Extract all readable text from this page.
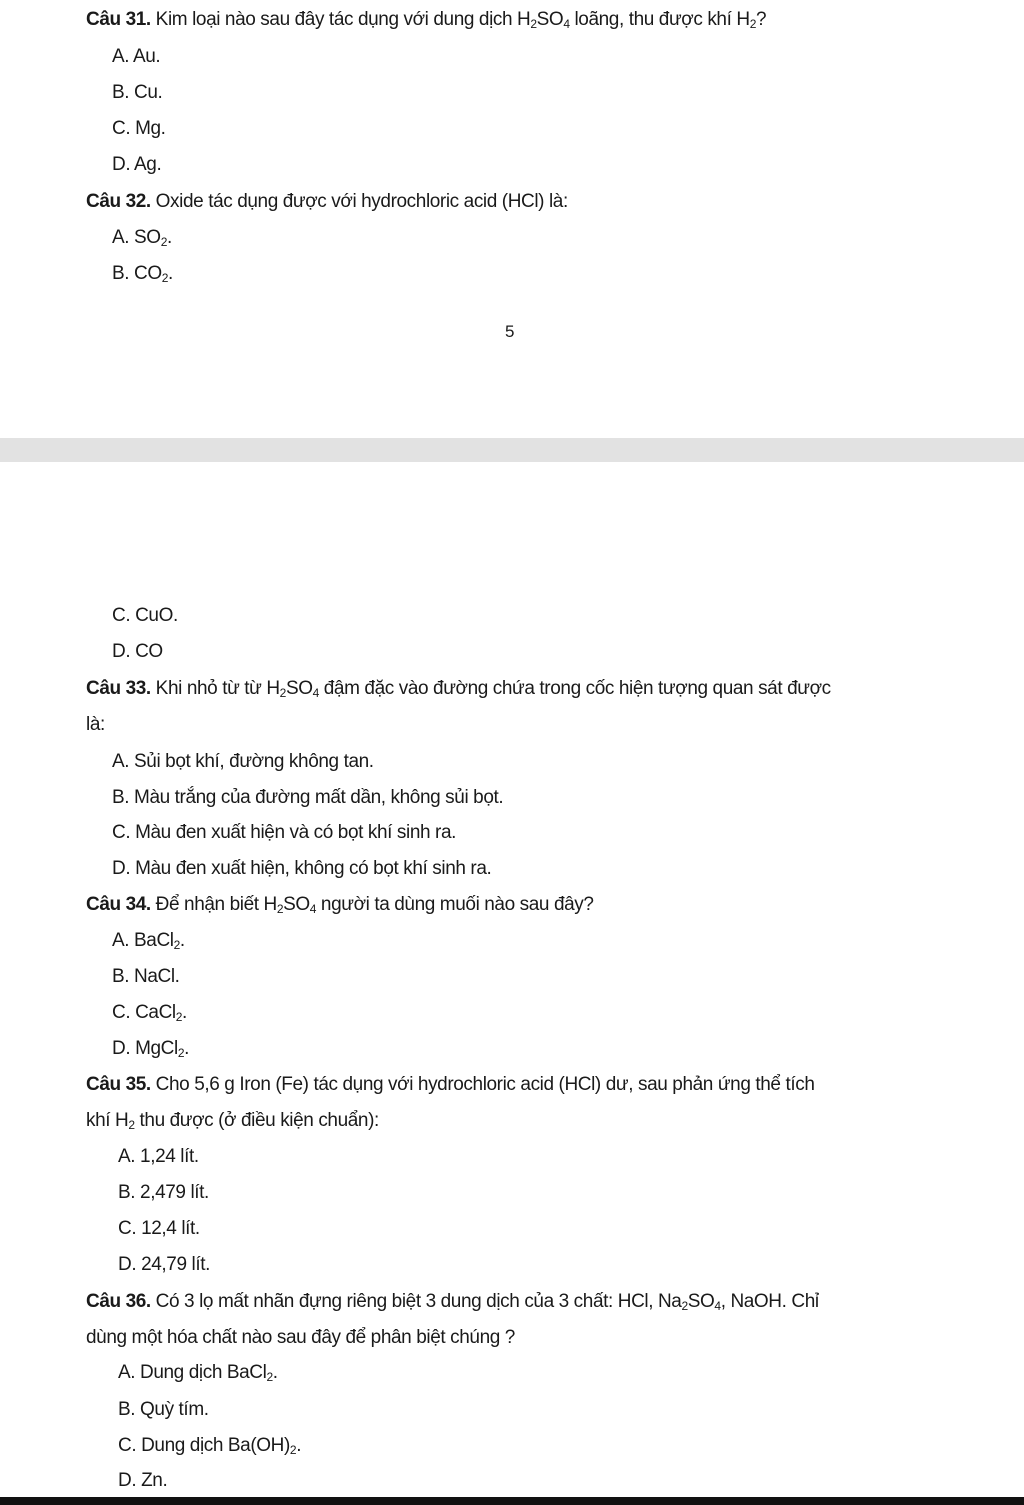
Câu 31. Kim loại nào sau đây tác dụng với dung dịch $H_2SO_4$ loãng, thu được khí $H_2$?
A. Au.
B. Cu.
C. Mg.
D. Ag.
Câu 32. Oxide tác dụng được với hydrochloric acid (HCl) là:
A. $SO_2$.
B. $CO_2$.
5
C. CuO.
D. CO
Câu 33. Khi nhỏ từ từ $H_2SO_4$ đậm đặc vào đường chứa trong cốc hiện tượng quan sát được
là:
A. Sủi bọt khí, đường không tan.
B. Màu trắng của đường mất dần, không sủi bọt.
C. Màu đen xuất hiện và có bọt khí sinh ra.
D. Màu đen xuất hiện, không có bọt khí sinh ra.
Câu 34. Để nhận biết $H_2SO_4$ người ta dùng muối nào sau đây?
A. BaCl$_2$.
B. NaCl.
C. CaCl$_2$.
D. MgCl$_2$.
Câu 35. Cho 5,6 g Iron (Fe) tác dụng với hydrochloric acid (HCl) dư, sau phản ứng thể tích
khí $H_2$ thu được (ở điều kiện chuẩn):
A. 1,24 lít.
B. 2,479 lít.
C. 12,4 lít.
D. 24,79 lít.
Câu 36. Có 3 lọ mất nhãn đựng riêng biệt 3 dung dịch của 3 chất: HCl, $Na_2SO_4$, NaOH. Chỉ
dùng một hóa chất nào sau đây để phân biệt chúng ?
A. Dung dịch BaCl$_2$.
B. Quỳ tím.
C. Dung dịch $Ba(OH)_2$.
D. Zn.
